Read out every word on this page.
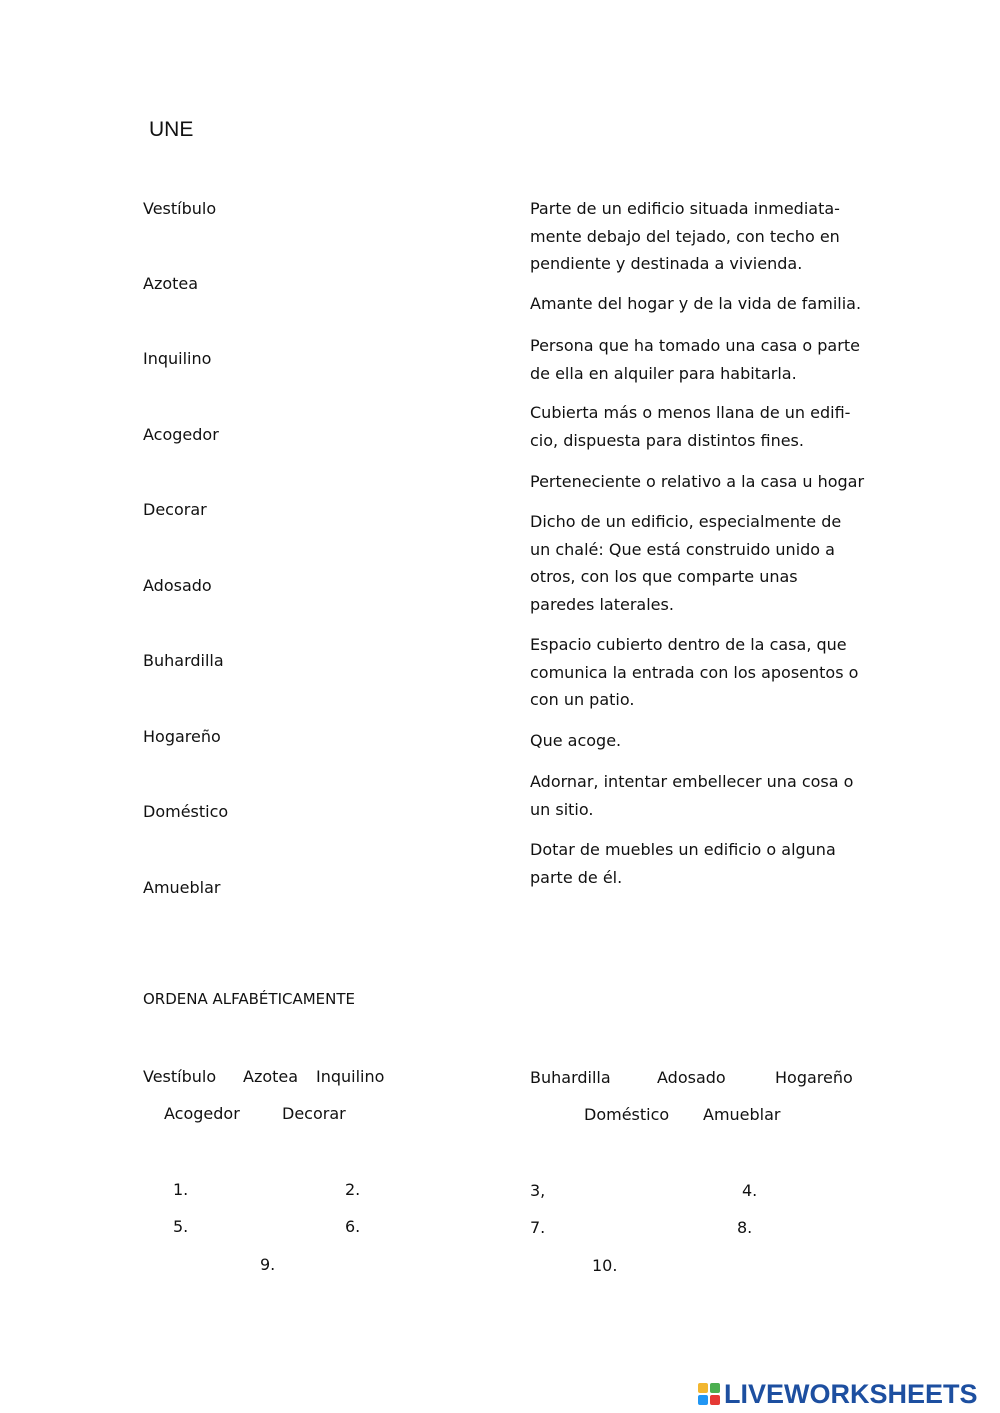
UNE
Vestíbulo
Azotea
Inquilino
Acogedor
Decorar
Adosado
Buhardilla
Hogareño
Doméstico
Amueblar
Parte de un edificio situada inmediata-
mente debajo del tejado, con techo en
pendiente y destinada a vivienda.
Amante del hogar y de la vida de familia.
Persona que ha tomado una casa o parte
de ella en alquiler para habitarla.
Cubierta más o menos llana de un edifi-
cio, dispuesta para distintos fines.
Perteneciente o relativo a la casa u hogar
Dicho de un edificio, especialmente de
un chalé: Que está construido unido a
otros, con los que comparte unas
paredes laterales.
Espacio cubierto dentro de la casa, que
comunica la entrada con los aposentos o
con un patio.
Que acoge.
Adornar, intentar embellecer una cosa o
un sitio.
Dotar de muebles un edificio o alguna
parte de él.
ORDENA ALFABÉTICAMENTE
Vestíbulo Azotea Inquilino
Acogedor	Decorar
Buhardilla	Adosado	Hogareño
Doméstico Amueblar
1.	2.	3,	4.
5.	6.	7.	8.
9.	10.
LIVEWORKSHEETS
